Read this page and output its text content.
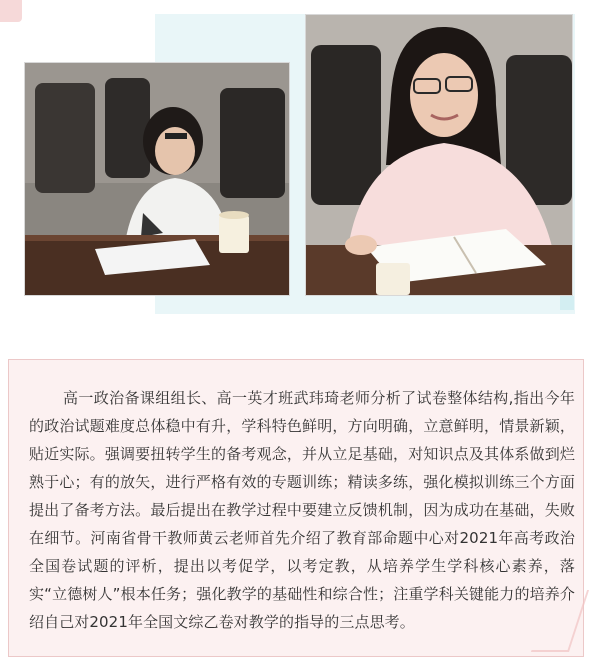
高一政治备课组组长、高一英才班武玮琦老师分析了试卷整体结构,指出今年的政治试题难度总体稳中有升，学科特色鲜明，方向明确，立意鲜明，情景新颖，贴近实际。强调要扭转学生的备考观念，并从立足基础，对知识点及其体系做到烂熟于心；有的放矢，进行严格有效的专题训练；精读多练，强化模拟训练三个方面提出了备考方法。最后提出在教学过程中要建立反馈机制，因为成功在基础，失败在细节。河南省骨干教师黄云老师首先介绍了教育部命题中心对2021年高考政治全国卷试题的评析，提出以考促学，以考定教，从培养学生学科核心素养，落实“立德树人”根本任务；强化教学的基础性和综合性；注重学科关键能力的培养介绍自己对2021年全国文综乙卷对教学的指导的三点思考。
